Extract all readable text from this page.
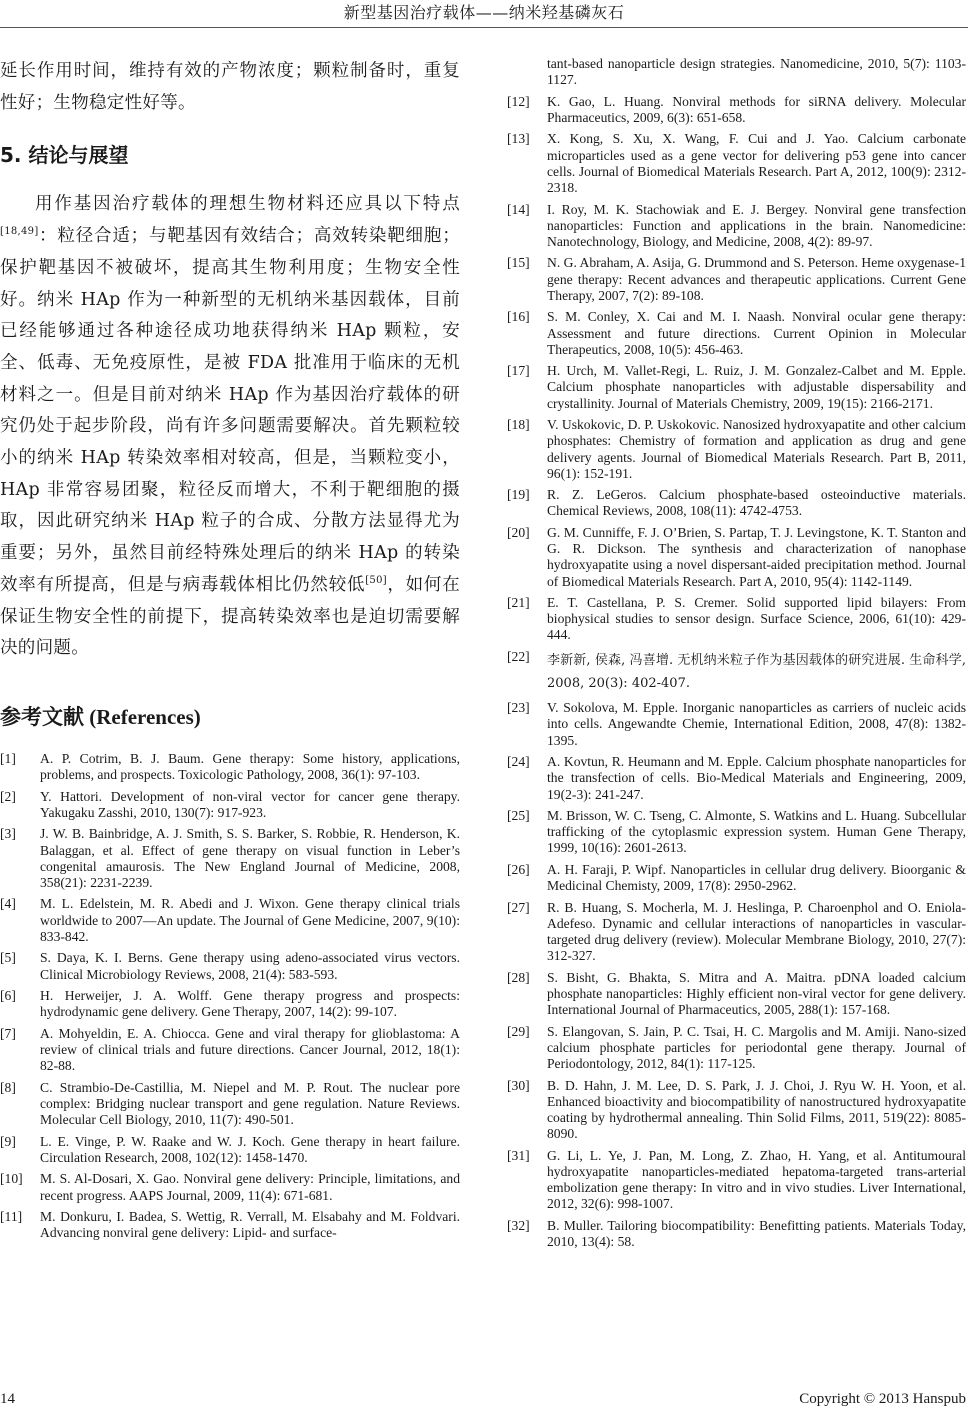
新型基因治疗载体——纳米羟基磷灰石

延长作用时间，维持有效的产物浓度；颗粒制备时，重复性好；生物稳定性好等。

5. 结论与展望

用作基因治疗载体的理想生物材料还应具以下特点[18,49]：粒径合适；与靶基因有效结合；高效转染靶细胞；保护靶基因不被破坏，提高其生物利用度；生物安全性好。纳米 HAp 作为一种新型的无机纳米基因载体，目前已经能够通过各种途径成功地获得纳米 HAp 颗粒，安全、低毒、无免疫原性，是被 FDA 批准用于临床的无机材料之一。但是目前对纳米 HAp 作为基因治疗载体的研究仍处于起步阶段，尚有许多问题需要解决。首先颗粒较小的纳米 HAp 转染效率相对较高，但是，当颗粒变小，HAp 非常容易团聚，粒径反而增大，不利于靶细胞的摄取，因此研究纳米 HAp 粒子的合成、分散方法显得尤为重要；另外，虽然目前经特殊处理后的纳米 HAp 的转染效率有所提高，但是与病毒载体相比仍然较低[50]，如何在保证生物安全性的前提下，提高转染效率也是迫切需要解决的问题。

参考文献 (References)
[1]	A. P. Cotrim, B. J. Baum. Gene therapy: Some history, applications, problems, and prospects. Toxicologic Pathology, 2008, 36(1): 97-103.

[2]	Y. Hattori. Development of non-viral vector for cancer gene therapy. Yakugaku Zasshi, 2010, 130(7): 917-923.

[3]	J. W. B. Bainbridge, A. J. Smith, S. S. Barker, S. Robbie, R. Henderson, K. Balaggan, et al. Effect of gene therapy on visual function in Leber’s congenital amaurosis. The New England Journal of Medicine, 2008, 358(21): 2231-2239.

[4]	M. L. Edelstein, M. R. Abedi and J. Wixon. Gene therapy clinical trials worldwide to 2007—An update. The Journal of Gene Medicine, 2007, 9(10): 833-842.

[5]	S. Daya, K. I. Berns. Gene therapy using adeno-associated virus vectors. Clinical Microbiology Reviews, 2008, 21(4): 583-593.

[6]	H. Herweijer, J. A. Wolff. Gene therapy progress and prospects: hydrodynamic gene delivery. Gene Therapy, 2007, 14(2): 99-107.

[7]	A. Mohyeldin, E. A. Chiocca. Gene and viral therapy for glioblastoma: A review of clinical trials and future directions. Cancer Journal, 2012, 18(1): 82-88.

[8]	C. Strambio-De-Castillia, M. Niepel and M. P. Rout. The nuclear pore complex: Bridging nuclear transport and gene regulation. Nature Reviews. Molecular Cell Biology, 2010, 11(7): 490-501.

[9]	L. E. Vinge, P. W. Raake and W. J. Koch. Gene therapy in heart failure. Circulation Research, 2008, 102(12): 1458-1470.

[10]	M. S. Al-Dosari, X. Gao. Nonviral gene delivery: Principle, limitations, and recent progress. AAPS Journal, 2009, 11(4): 671-681.

[11]	M. Donkuru, I. Badea, S. Wettig, R. Verrall, M. Elsabahy and M. Foldvari. Advancing nonviral gene delivery: Lipid- and surface-

tant-based nanoparticle design strategies. Nanomedicine, 2010, 5(7): 1103-1127.

[12]	K. Gao, L. Huang. Nonviral methods for siRNA delivery. Molecular Pharmaceutics, 2009, 6(3): 651-658.

[13]	X. Kong, S. Xu, X. Wang, F. Cui and J. Yao. Calcium carbonate microparticles used as a gene vector for delivering p53 gene into cancer cells. Journal of Biomedical Materials Research. Part A, 2012, 100(9): 2312-2318.

[14]	I. Roy, M. K. Stachowiak and E. J. Bergey. Nonviral gene transfection nanoparticles: Function and applications in the brain. Nanomedicine: Nanotechnology, Biology, and Medicine, 2008, 4(2): 89-97.

[15]	N. G. Abraham, A. Asija, G. Drummond and S. Peterson. Heme oxygenase-1 gene therapy: Recent advances and therapeutic applications. Current Gene Therapy, 2007, 7(2): 89-108.

[16]	S. M. Conley, X. Cai and M. I. Naash. Nonviral ocular gene therapy: Assessment and future directions. Current Opinion in Molecular Therapeutics, 2008, 10(5): 456-463.

[17]	H. Urch, M. Vallet-Regi, L. Ruiz, J. M. Gonzalez-Calbet and M. Epple. Calcium phosphate nanoparticles with adjustable dispersability and crystallinity. Journal of Materials Chemistry, 2009, 19(15): 2166-2171.

[18]	V. Uskokovic, D. P. Uskokovic. Nanosized hydroxyapatite and other calcium phosphates: Chemistry of formation and application as drug and gene delivery agents. Journal of Biomedical Materials Research. Part B, 2011, 96(1): 152-191.

[19]	R. Z. LeGeros. Calcium phosphate-based osteoinductive materials. Chemical Reviews, 2008, 108(11): 4742-4753.

[20]	G. M. Cunniffe, F. J. O’Brien, S. Partap, T. J. Levingstone, K. T. Stanton and G. R. Dickson. The synthesis and characterization of nanophase hydroxyapatite using a novel dispersant-aided precipitation method. Journal of Biomedical Materials Research. Part A, 2010, 95(4): 1142-1149.

[21]	E. T. Castellana, P. S. Cremer. Solid supported lipid bilayers: From biophysical studies to sensor design. Surface Science, 2006, 61(10): 429-444.

[22]	李新新, 侯森, 冯喜增. 无机纳米粒子作为基因载体的研究进展. 生命科学, 2008, 20(3): 402-407.

[23]	V. Sokolova, M. Epple. Inorganic nanoparticles as carriers of nucleic acids into cells. Angewandte Chemie, International Edition, 2008, 47(8): 1382-1395.

[24]	A. Kovtun, R. Heumann and M. Epple. Calcium phosphate nanoparticles for the transfection of cells. Bio-Medical Materials and Engineering, 2009, 19(2-3): 241-247.

[25]	M. Brisson, W. C. Tseng, C. Almonte, S. Watkins and L. Huang. Subcellular trafficking of the cytoplasmic expression system. Human Gene Therapy, 1999, 10(16): 2601-2613.

[26]	A. H. Faraji, P. Wipf. Nanoparticles in cellular drug delivery. Bioorganic & Medicinal Chemisty, 2009, 17(8): 2950-2962.

[27]	R. B. Huang, S. Mocherla, M. J. Heslinga, P. Charoenphol and O. Eniola-Adefeso. Dynamic and cellular interactions of nanoparticles in vascular-targeted drug delivery (review). Molecular Membrane Biology, 2010, 27(7): 312-327.

[28]	S. Bisht, G. Bhakta, S. Mitra and A. Maitra. pDNA loaded calcium phosphate nanoparticles: Highly efficient non-viral vector for gene delivery. International Journal of Pharmaceutics, 2005, 288(1): 157-168.

[29]	S. Elangovan, S. Jain, P. C. Tsai, H. C. Margolis and M. Amiji. Nano-sized calcium phosphate particles for periodontal gene therapy. Journal of Periodontology, 2012, 84(1): 117-125.

[30]	B. D. Hahn, J. M. Lee, D. S. Park, J. J. Choi, J. Ryu W. H. Yoon, et al. Enhanced bioactivity and biocompatibility of nanostructured hydroxyapatite coating by hydrothermal annealing. Thin Solid Films, 2011, 519(22): 8085-8090.

[31]	G. Li, L. Ye, J. Pan, M. Long, Z. Zhao, H. Yang, et al. Antitumoural hydroxyapatite nanoparticles-mediated hepatoma-targeted trans-arterial embolization gene therapy: In vitro and in vivo studies. Liver International, 2012, 32(6): 998-1007.

[32]	B. Muller. Tailoring biocompatibility: Benefitting patients. Materials Today, 2010, 13(4): 58.

14	Copyright © 2013 Hanspub
